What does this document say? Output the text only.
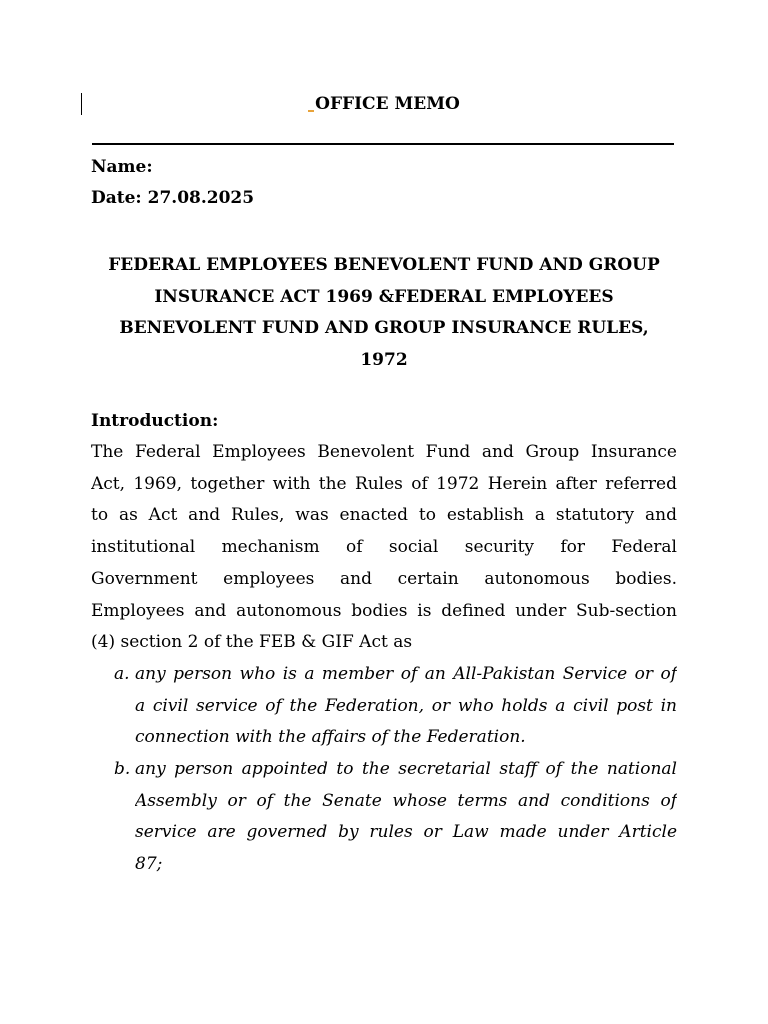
OFFICE MEMO
Name:
Date: 27.08.2025
FEDERAL EMPLOYEES BENEVOLENT FUND AND GROUP
INSURANCE ACT 1969 &FEDERAL EMPLOYEES
BENEVOLENT FUND AND GROUP INSURANCE RULES,
1972
Introduction:
The Federal Employees Benevolent Fund and Group Insurance
Act, 1969, together with the Rules of 1972 Herein after referred
to as Act and Rules, was enacted to establish a statutory and
institutional mechanism of social security for Federal
Government employees and certain autonomous bodies.
Employees and autonomous bodies is defined under Sub-section
(4) section 2 of the FEB & GIF Act as
a. any person who is a member of an All-Pakistan Service or of
a civil service of the Federation, or who holds a civil post in
connection with the affairs of the Federation.
b. any person appointed to the secretarial staff of the national
Assembly or of the Senate whose terms and conditions of
service are governed by rules or Law made under Article
87;
